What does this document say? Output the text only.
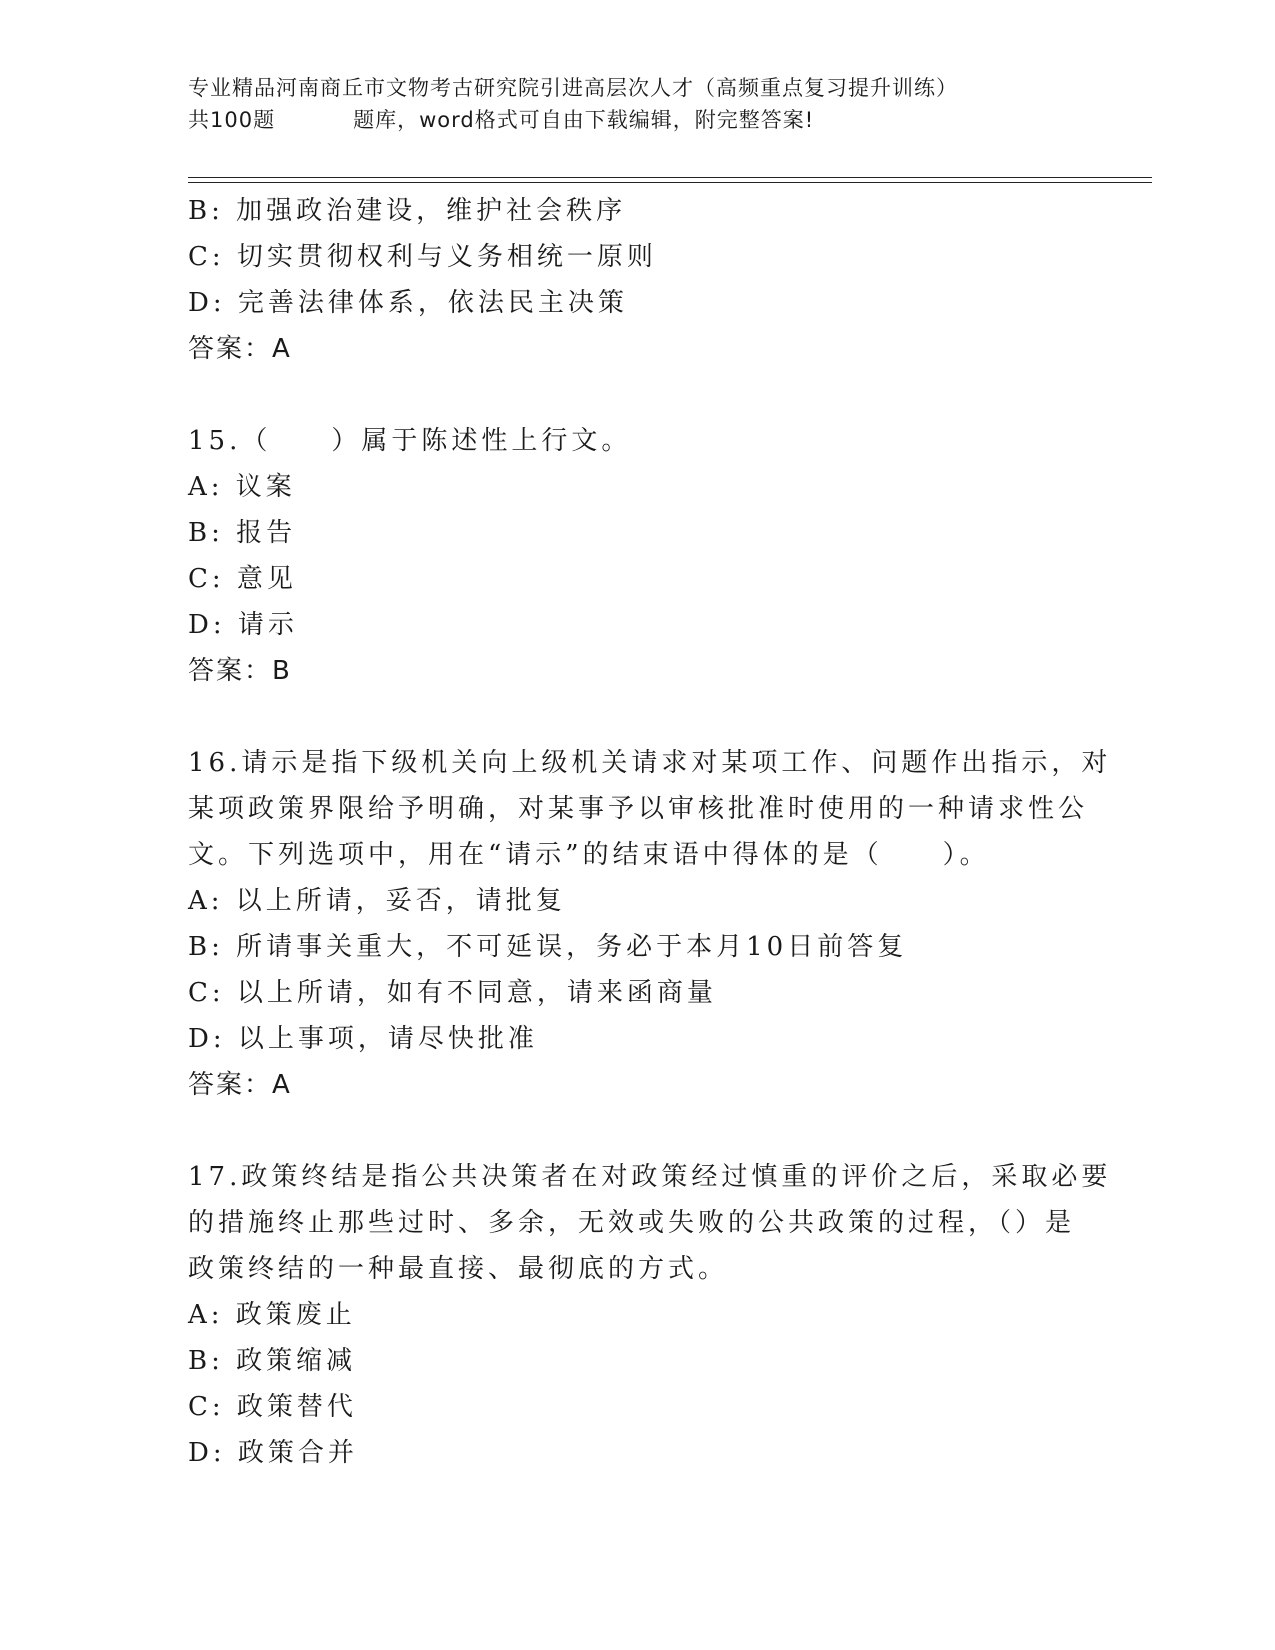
专业精品河南商丘市文物考古研究院引进高层次人才（高频重点复习提升训练）
共100题	题库，word格式可自由下载编辑，附完整答案!
B: 加强政治建设，维护社会秩序
C: 切实贯彻权利与义务相统一原则
D: 完善法律体系，依法民主决策
答案：A
15.（　　）属于陈述性上行文。
A: 议案
B: 报告
C: 意见
D: 请示
答案：B
16.请示是指下级机关向上级机关请求对某项工作、问题作出指示，对
某项政策界限给予明确，对某事予以审核批准时使用的一种请求性公
文。下列选项中，用在“请示”的结束语中得体的是（　　）。
A: 以上所请，妥否，请批复
B: 所请事关重大，不可延误，务必于本月10日前答复
C: 以上所请，如有不同意，请来函商量
D: 以上事项，请尽快批准
答案：A
17.政策终结是指公共决策者在对政策经过慎重的评价之后，采取必要
的措施终止那些过时、多余，无效或失败的公共政策的过程，（）是
政策终结的一种最直接、最彻底的方式。
A: 政策废止
B: 政策缩减
C: 政策替代
D: 政策合并
